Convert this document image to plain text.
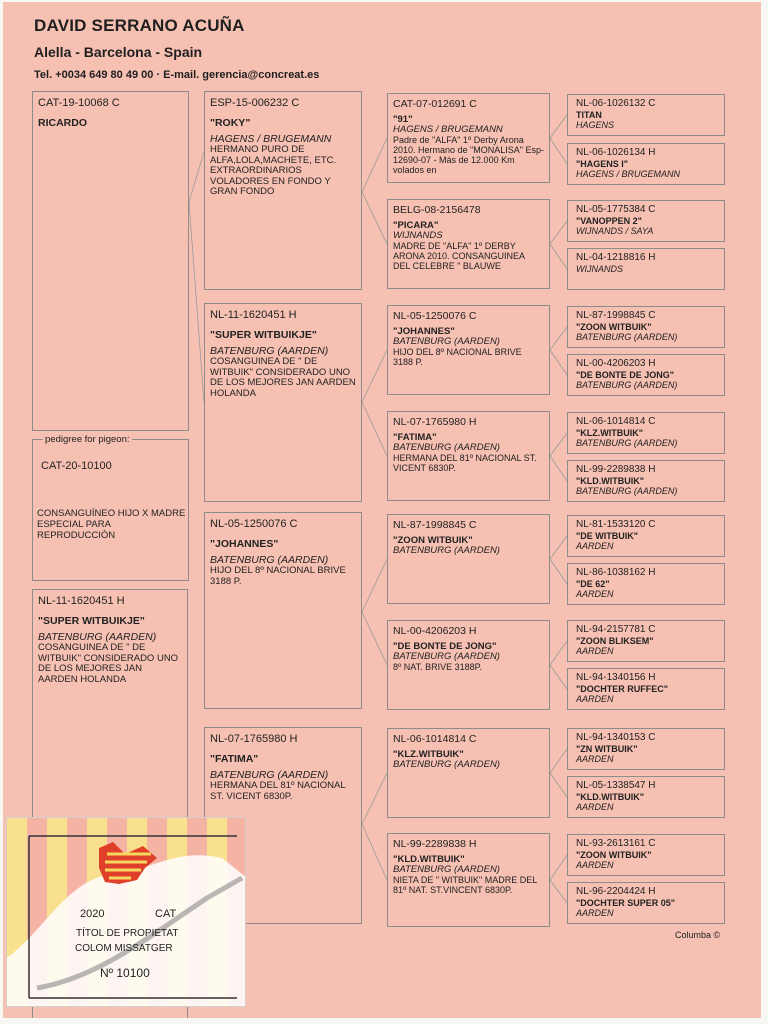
DAVID SERRANO ACUÑA
Alella - Barcelona - Spain
Tel. +0034 649 80 49 00 · E-mail. gerencia@concreat.es
CAT-19-10068 C
RICARDO
pedigree for pigeon:
CAT-20-10100
CONSANGUÍNEO HIJO X MADRE ESPECIAL PARA REPRODUCCIÓN
NL-11-1620451 H
"SUPER WITBUIKJE"
BATENBURG (AARDEN)
COSANGUINEA DE " DE WITBUIK" CONSIDERADO UNO DE LOS MEJORES JAN AARDEN HOLANDA
ESP-15-006232 C
"ROKY"
HAGENS / BRUGEMANN
HERMANO PURO DE ALFA,LOLA,MACHETE, ETC. EXTRAORDINARIOS VOLADORES EN FONDO Y GRAN FONDO
NL-11-1620451 H
"SUPER WITBUIKJE"
BATENBURG (AARDEN)
COSANGUINEA DE " DE WITBUIK" CONSIDERADO UNO DE LOS MEJORES JAN AARDEN HOLANDA
NL-05-1250076 C
"JOHANNES"
BATENBURG (AARDEN)
HIJO DEL 8º NACIONAL BRIVE 3188 P.
NL-07-1765980 H
"FATIMA"
BATENBURG (AARDEN)
HERMANA DEL 81º NACIONAL ST. VICENT 6830P.
CAT-07-012691 C
"91"
HAGENS / BRUGEMANN
Padre de "ALFA" 1º Derby Arona 2010. Hermano de "MONALISA" Esp-12690-07 - Más de 12.000 Km volados en
BELG-08-2156478
"PICARA"
WIJNANDS
MADRE DE "ALFA" 1º DERBY ARONA 2010. CONSANGUINEA DEL CELEBRE " BLAUWE
NL-05-1250076 C
"JOHANNES"
BATENBURG (AARDEN)
HIJO DEL 8º NACIONAL BRIVE 3188 P.
NL-07-1765980 H
"FATIMA"
BATENBURG (AARDEN)
HERMANA DEL 81º NACIONAL ST. VICENT 6830P.
NL-87-1998845 C
"ZOON WITBUIK"
BATENBURG (AARDEN)
NL-00-4206203 H
"DE BONTE DE JONG"
BATENBURG (AARDEN)
8º NAT. BRIVE 3188P.
NL-06-1014814 C
"KLZ.WITBUIK"
BATENBURG (AARDEN)
NL-99-2289838 H
"KLD.WITBUIK"
BATENBURG (AARDEN)
NIETA DE " WITBUIK" MADRE DEL 81º NAT. ST.VINCENT 6830P.
NL-06-1026132 C
TITAN
HAGENS
NL-06-1026134 H
"HAGENS I"
HAGENS / BRUGEMANN
NL-05-1775384 C
"VANOPPEN 2"
WIJNANDS / SAYA
NL-04-1218816 H
WIJNANDS
NL-87-1998845 C
"ZOON WITBUIK"
BATENBURG (AARDEN)
NL-00-4206203 H
"DE BONTE DE JONG"
BATENBURG (AARDEN)
NL-06-1014814 C
"KLZ.WITBUIK"
BATENBURG (AARDEN)
NL-99-2289838 H
"KLD.WITBUIK"
BATENBURG (AARDEN)
NL-81-1533120 C
"DE WITBUIK"
AARDEN
NL-86-1038162 H
"DE 62"
AARDEN
NL-94-2157781 C
"ZOON BLIKSEM"
AARDEN
NL-94-1340156 H
"DOCHTER RUFFEC"
AARDEN
NL-94-1340153 C
"ZN WITBUIK"
AARDEN
NL-05-1338547 H
"KLD.WITBUIK"
AARDEN
NL-93-2613161 C
"ZOON WITBUIK"
AARDEN
NL-96-2204424 H
"DOCHTER SUPER 05"
AARDEN
Columba ©
2020	CAT
TÍTOL DE PROPIETAT
COLOM MISSATGER
Nº 10100
